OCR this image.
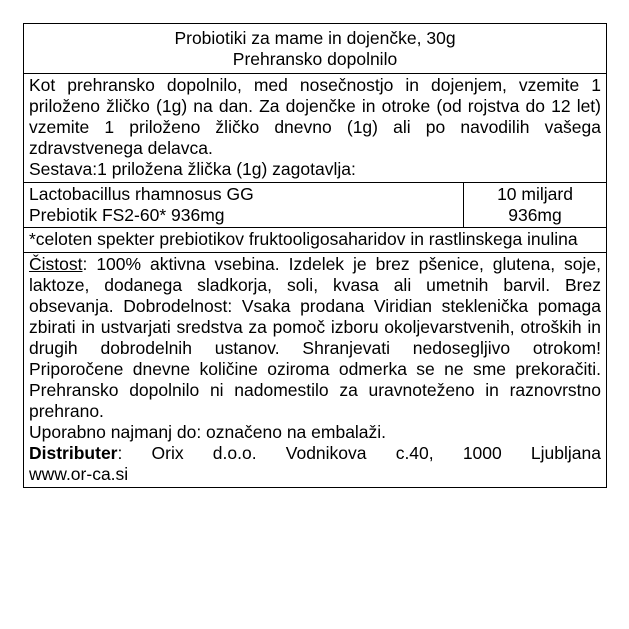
Probiotiki za mame in dojenčke, 30g
Prehransko dopolnilo
Kot prehransko dopolnilo, med nosečnostjo in dojenjem, vzemite 1 priloženo žličko (1g) na dan. Za dojenčke in otroke (od rojstva do 12 let) vzemite 1 priloženo žličko dnevno (1g) ali po navodilih vašega zdravstvenega delavca.
Sestava:1 priložena žlička (1g) zagotavlja:
Lactobacillus rhamnosus GG
Prebiotik FS2-60* 936mg
10 miljard
936mg
*celoten spekter prebiotikov fruktooligosaharidov in rastlinskega inulina
Čistost: 100% aktivna vsebina. Izdelek je brez pšenice, glutena, soje, laktoze, dodanega sladkorja, soli, kvasa ali umetnih barvil. Brez obsevanja. Dobrodelnost: Vsaka prodana Viridian steklenička pomaga zbirati in ustvarjati sredstva za pomoč izboru okoljevarstvenih, otroških in drugih dobrodelnih ustanov. Shranjevati nedosegljivo otrokom! Priporočene dnevne količine oziroma odmerka se ne sme prekoračiti. Prehransko dopolnilo ni nadomestilo za uravnoteženo in raznovrstno prehrano.
Uporabno najmanj do: označeno na embalaži.
Distributer: Orix d.o.o. Vodnikova c.40, 1000 Ljubljana
www.or-ca.si
